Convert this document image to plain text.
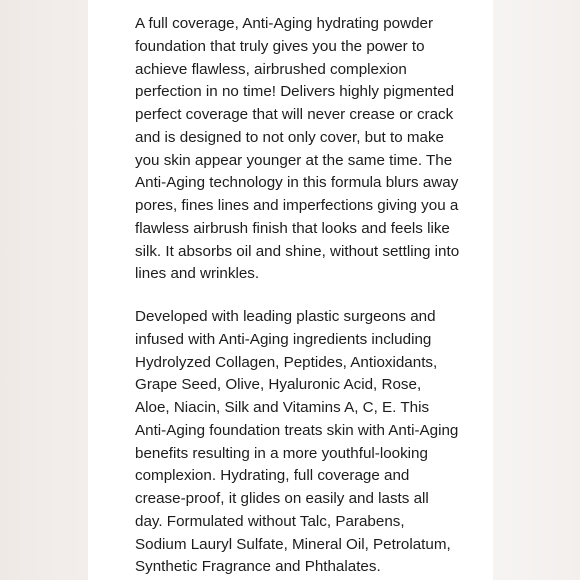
A full coverage, Anti-Aging hydrating powder
foundation that truly gives you the power to
achieve flawless, airbrushed complexion
perfection in no time! Delivers highly pigmented
perfect coverage that will never crease or crack
and is designed to not only cover, but to make
you skin appear younger at the same time. The
Anti-Aging technology in this formula blurs away
pores, fines lines and imperfections giving you a
flawless airbrush finish that looks and feels like
silk. It absorbs oil and shine, without settling into
lines and wrinkles.

Developed with leading plastic surgeons and
infused with Anti-Aging ingredients including
Hydrolyzed Collagen, Peptides, Antioxidants,
Grape Seed, Olive, Hyaluronic Acid, Rose,
Aloe, Niacin, Silk and Vitamins A, C, E. This
Anti-Aging foundation treats skin with Anti-Aging
benefits resulting in a more youthful-looking
complexion. Hydrating, full coverage and
crease-proof, it glides on easily and lasts all
day. Formulated without Talc, Parabens,
Sodium Lauryl Sulfate, Mineral Oil, Petrolatum,
Synthetic Fragrance and Phthalates.
